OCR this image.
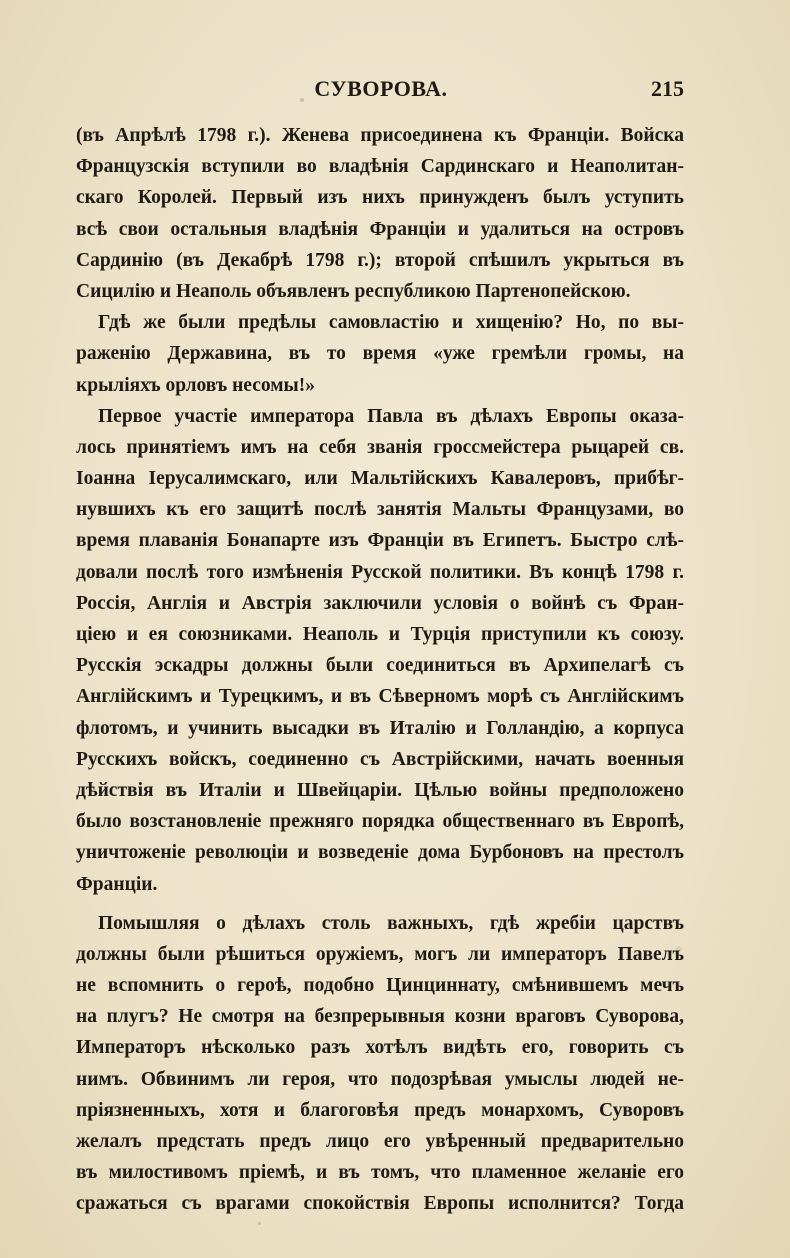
СУВОРОВА.	215
(въ Апрѣлѣ 1798 г.). Женева присоединена къ Франціи. Войска
Французскія вступили во владѣнія Сардинскаго и Неаполитан-
скаго Королей. Первый изъ нихъ принужденъ былъ уступить
всѣ свои остальныя владѣнія Франціи и удалиться на островъ
Сардинію (въ Декабрѣ 1798 г.); второй спѣшилъ укрыться въ
Сицилію и Неаполь объявленъ республикою Партенопейскою.
Гдѣ же были предѣлы самовластію и хищенію? Но, по вы-
раженію Державина, въ то время «уже гремѣли громы, на
крыліяхъ орловъ несомы!»
Первое участіе императора Павла въ дѣлахъ Европы оказа-
лось принятіемъ имъ на себя званія гроссмейстера рыцарей св.
Іоанна Іерусалимскаго, или Мальтійскихъ Кавалеровъ, прибѣг-
нувшихъ къ его защитѣ послѣ занятія Мальты Французами, во
время плаванія Бонапарте изъ Франціи въ Египетъ. Быстро слѣ-
довали послѣ того измѣненія Русской политики. Въ концѣ 1798 г.
Россія, Англія и Австрія заключили условія о войнѣ съ Фран-
ціею и ея союзниками. Неаполь и Турція приступили къ союзу.
Русскія эскадры должны были соединиться въ Архипелагѣ съ
Англійскимъ и Турецкимъ, и въ Сѣверномъ морѣ съ Англійскимъ
флотомъ, и учинить высадки въ Италію и Голландію, а корпуса
Русскихъ войскъ, соединенно съ Австрійскими, начать военныя
дѣйствія въ Италіи и Швейцаріи. Цѣлью войны предположено
было возстановленіе прежняго порядка общественнаго въ Европѣ,
уничтоженіе революціи и возведеніе дома Бурбоновъ на престолъ
Франціи.
Помышляя о дѣлахъ столь важныхъ, гдѣ жребіи царствъ
должны были рѣшиться оружіемъ, могъ ли императоръ Павелъ
не вспомнить о героѣ, подобно Цинциннату, смѣнившемъ мечъ
на плугъ? Не смотря на безпрерывныя козни враговъ Суворова,
Императоръ нѣсколько разъ хотѣлъ видѣть его, говорить съ
нимъ. Обвинимъ ли героя, что подозрѣвая умыслы людей не-
пріязненныхъ, хотя и благоговѣя предъ монархомъ, Суворовъ
желалъ предстать предъ лицо его увѣренный предварительно
въ милостивомъ пріемѣ, и въ томъ, что пламенное желаніе его
сражаться съ врагами спокойствія Европы исполнится? Тогда
